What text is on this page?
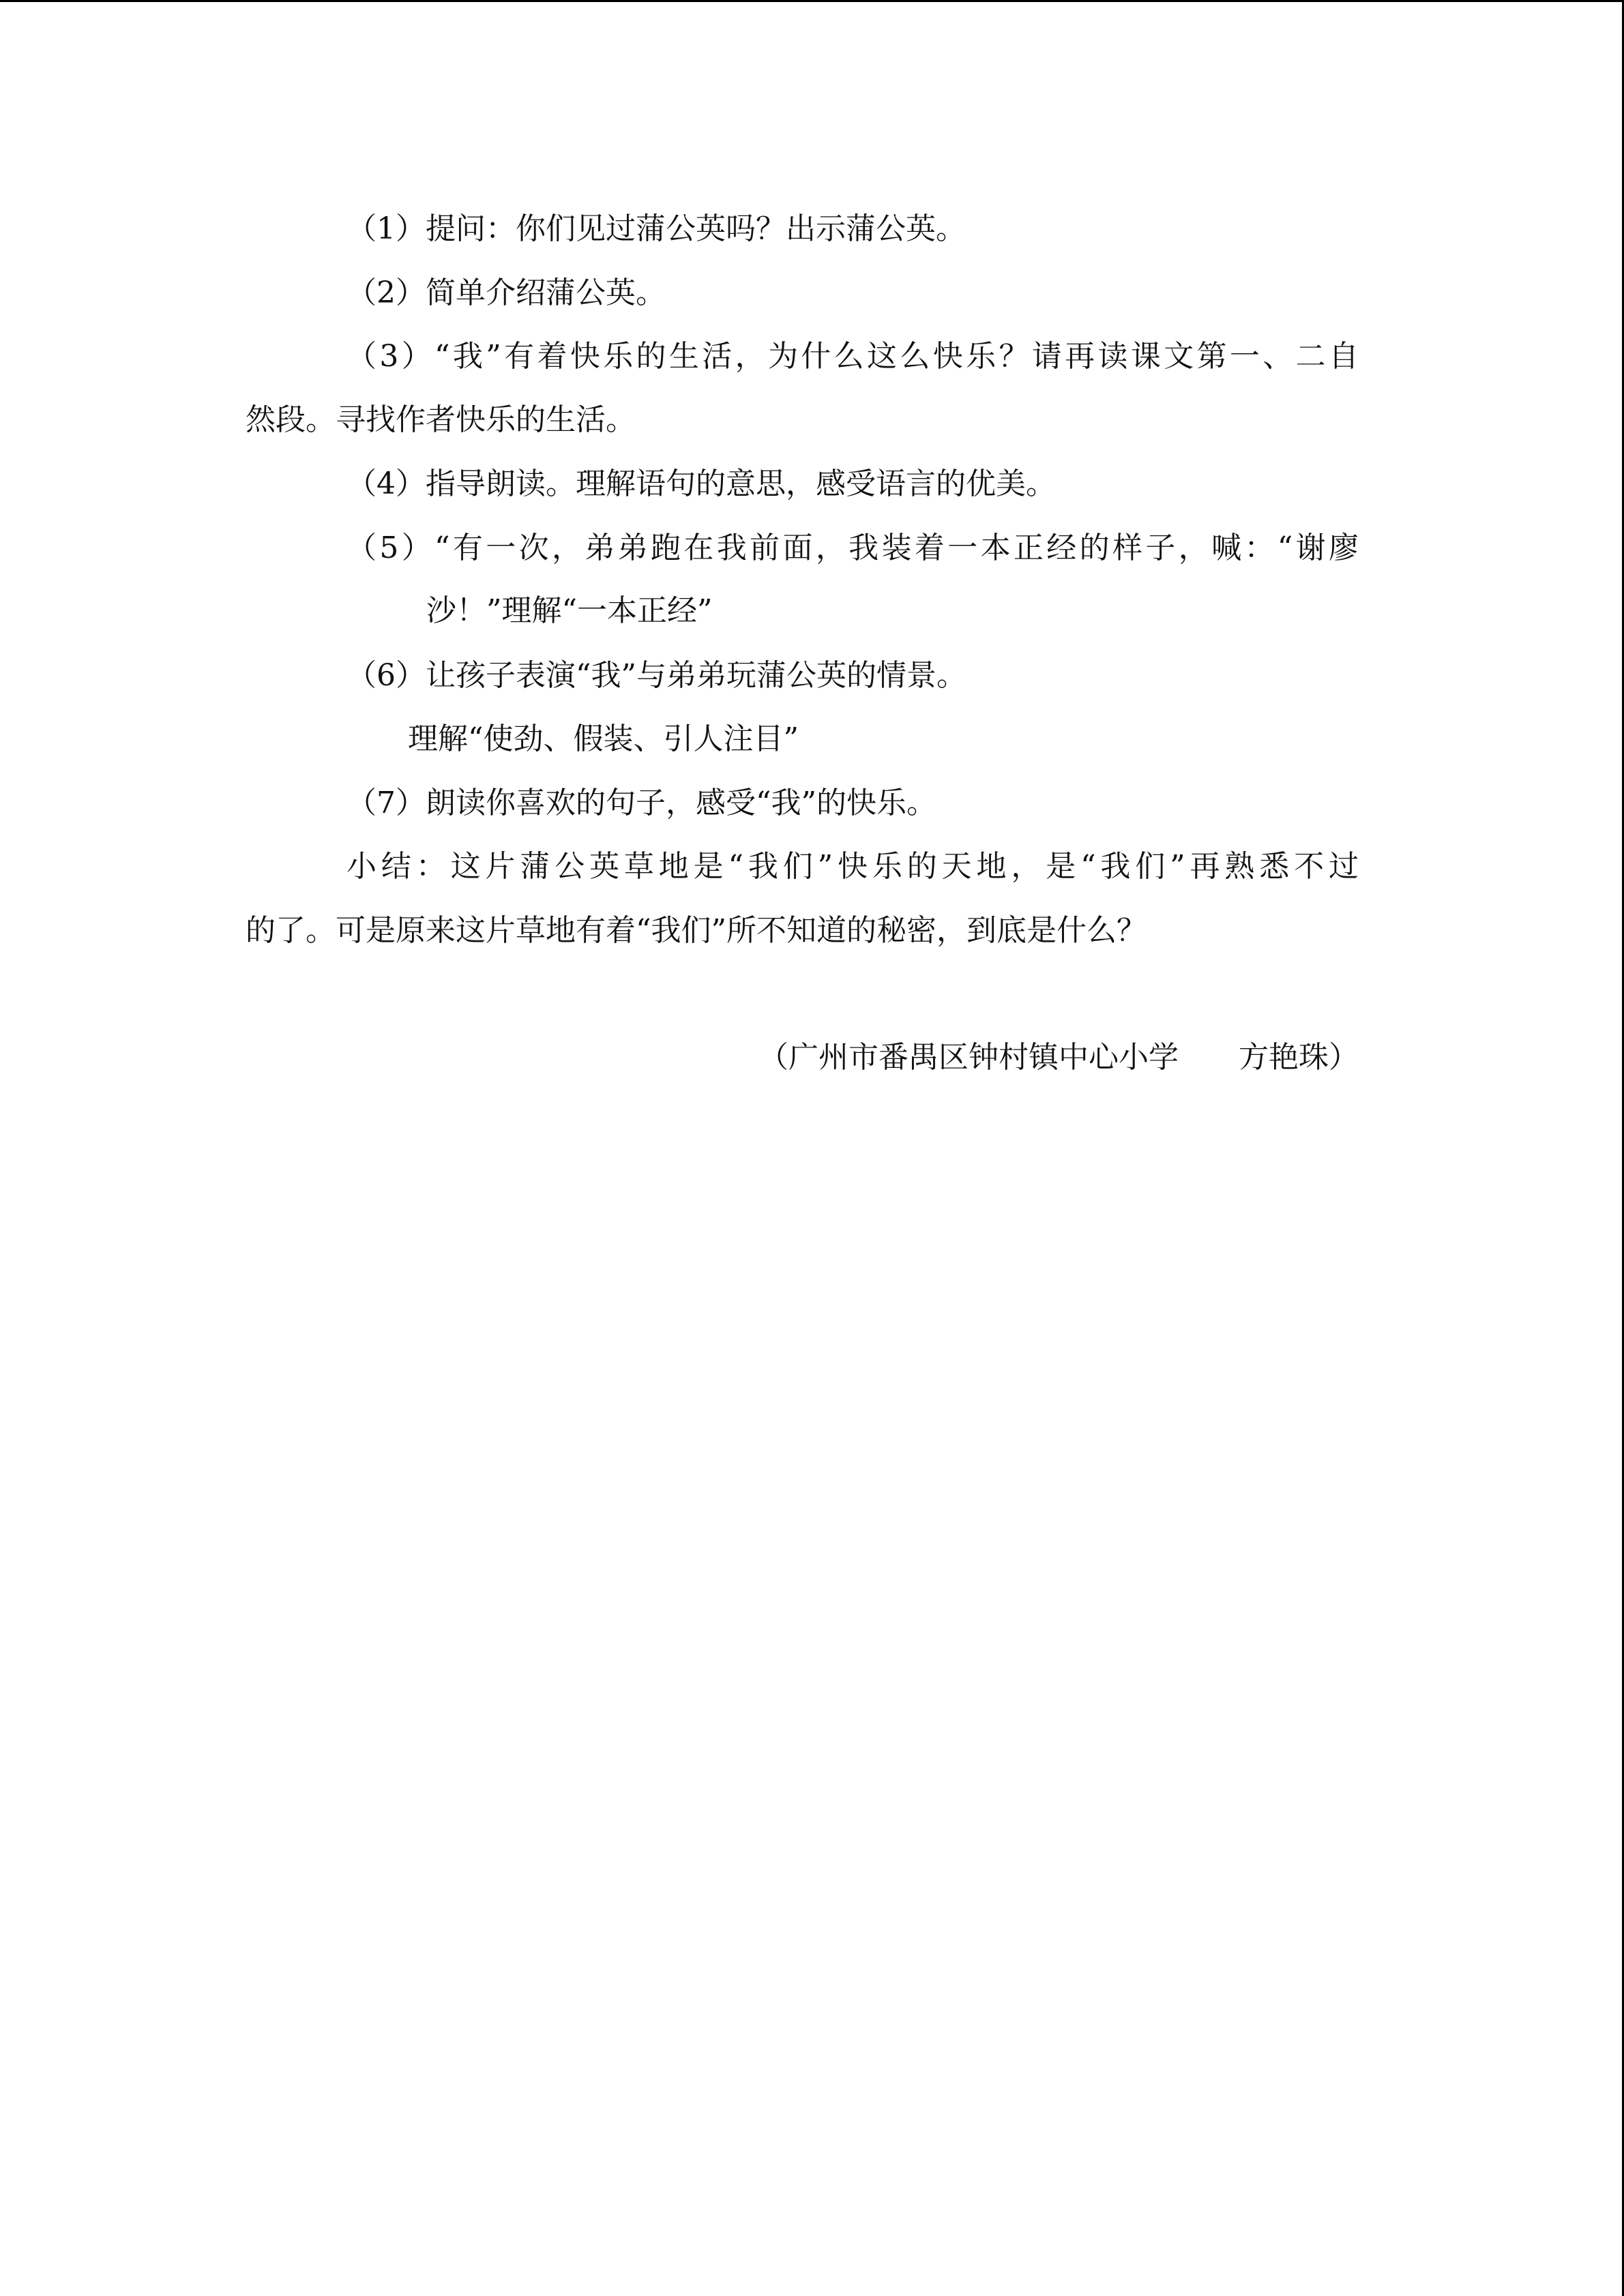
（1）提问：你们见过蒲公英吗？出示蒲公英。
（2）简单介绍蒲公英。
（3）“我”有着快乐的生活，为什么这么快乐？请再读课文第一、二自
然段。寻找作者快乐的生活。
（4）指导朗读。理解语句的意思，感受语言的优美。
（5）“有一次，弟弟跑在我前面，我装着一本正经的样子，喊：“谢廖
沙！”理解“一本正经”
（6）让孩子表演“我”与弟弟玩蒲公英的情景。
理解“使劲、假装、引人注目”
（7）朗读你喜欢的句子，感受“我”的快乐。
小结：这片蒲公英草地是“我们”快乐的天地，是“我们”再熟悉不过
的了。可是原来这片草地有着“我们”所不知道的秘密，到底是什么？
（广州市番禺区钟村镇中心小学　　方艳珠）
